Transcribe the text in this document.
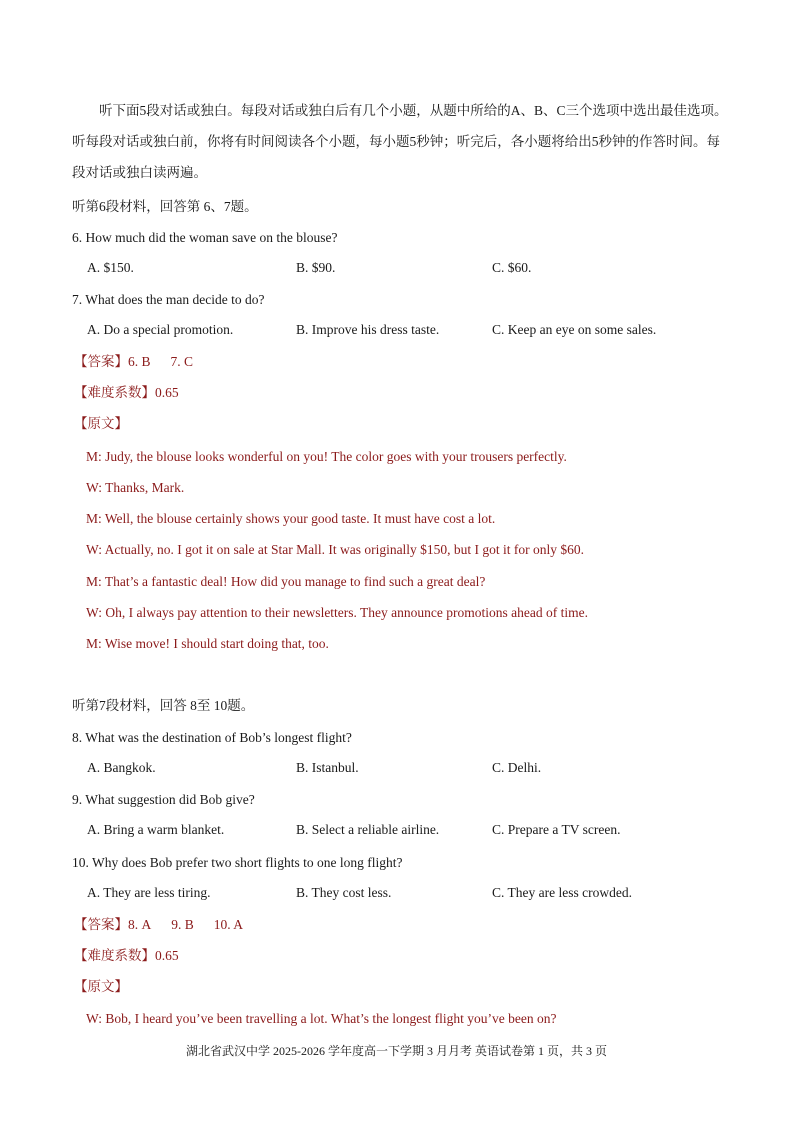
听下面5段对话或独白。每段对话或独白后有几个小题，从题中所给的A、B、C三个选项中选出最佳选项。听每段对话或独白前，你将有时间阅读各个小题，每小题5秒钟；听完后，各小题将给出5秒钟的作答时间。每段对话或独白读两遍。
听第6段材料，回答第 6、7题。
6. How much did the woman save on the blouse?
A. $150.	B. $90.	C. $60.
7. What does the man decide to do?
A. Do a special promotion.	B. Improve his dress taste.	C. Keep an eye on some sales.
【答案】6. B 7. C
【难度系数】0.65
【原文】
M: Judy, the blouse looks wonderful on you! The color goes with your trousers perfectly.
W: Thanks, Mark.
M: Well, the blouse certainly shows your good taste. It must have cost a lot.
W: Actually, no. I got it on sale at Star Mall. It was originally $150, but I got it for only $60.
M: That’s a fantastic deal! How did you manage to find such a great deal?
W: Oh, I always pay attention to their newsletters. They announce promotions ahead of time.
M: Wise move! I should start doing that, too.
听第7段材料，回答 8至 10题。
8. What was the destination of Bob’s longest flight?
A. Bangkok.	B. Istanbul.	C. Delhi.
9. What suggestion did Bob give?
A. Bring a warm blanket.	B. Select a reliable airline.	C. Prepare a TV screen.
10. Why does Bob prefer two short flights to one long flight?
A. They are less tiring.	B. They cost less.	C. They are less crowded.
【答案】8. A 9. B 10. A
【难度系数】0.65
【原文】
W: Bob, I heard you’ve been travelling a lot. What’s the longest flight you’ve been on?
湖北省武汉中学 2025-2026 学年度高一下学期 3 月月考 英语试卷第 1 页，共 3 页
